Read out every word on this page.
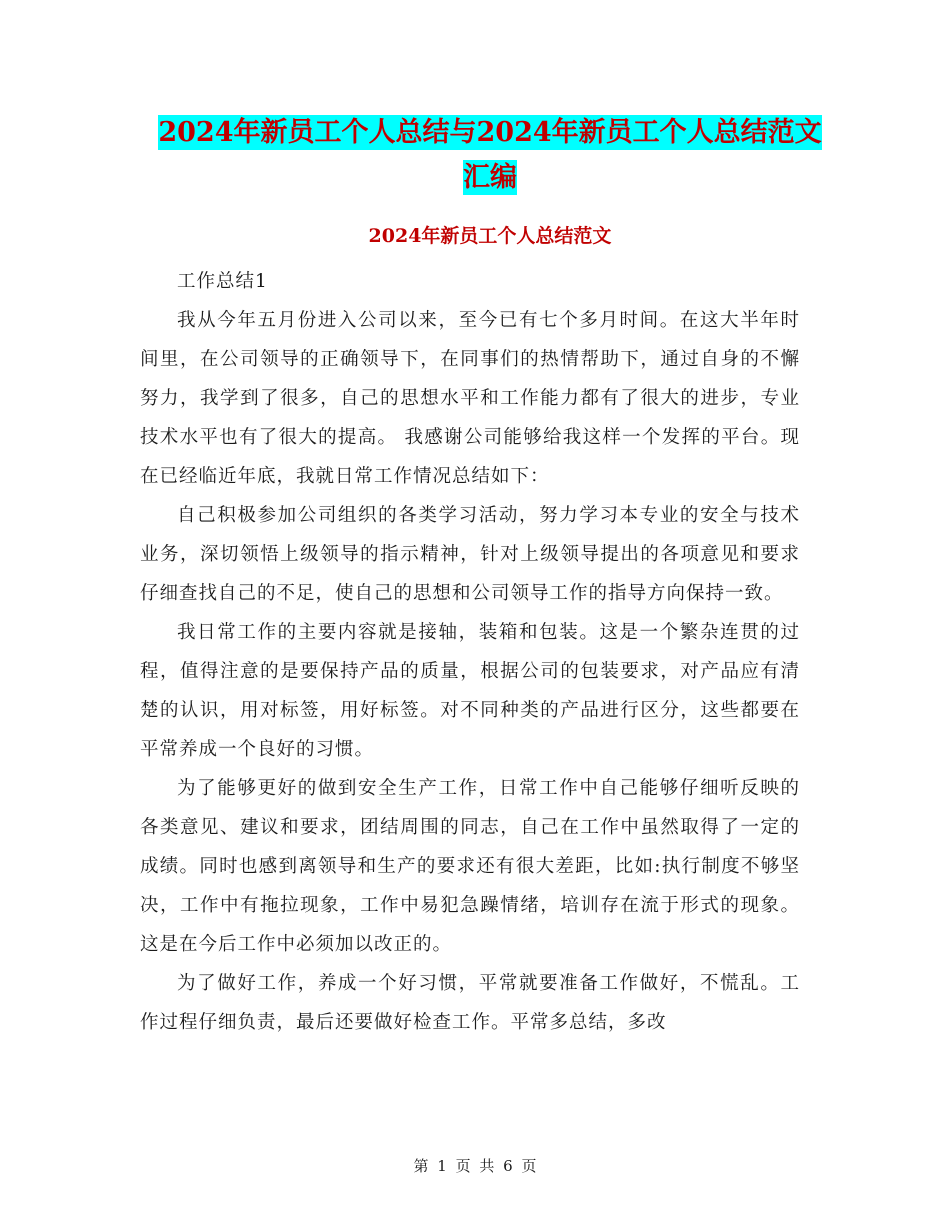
2024年新员工个人总结与2024年新员工个人总结范文
汇编
2024年新员工个人总结范文

工作总结1

我从今年五月份进入公司以来，至今已有七个多月时间。在这大半年时间里，在公司领导的正确领导下，在同事们的热情帮助下，通过自身的不懈努力，我学到了很多，自己的思想水平和工作能力都有了很大的进步，专业技术水平也有了很大的提高。 我感谢公司能够给我这样一个发挥的平台。现在已经临近年底，我就日常工作情况总结如下：

自己积极参加公司组织的各类学习活动，努力学习本专业的安全与技术业务，深切领悟上级领导的指示精神，针对上级领导提出的各项意见和要求仔细查找自己的不足，使自己的思想和公司领导工作的指导方向保持一致。

我日常工作的主要内容就是接轴，装箱和包装。这是一个繁杂连贯的过程，值得注意的是要保持产品的质量，根据公司的包装要求，对产品应有清楚的认识，用对标签，用好标签。对不同种类的产品进行区分，这些都要在平常养成一个良好的习惯。

为了能够更好的做到安全生产工作，日常工作中自己能够仔细听反映的各类意见、建议和要求，团结周围的同志，自己在工作中虽然取得了一定的成绩。同时也感到离领导和生产的要求还有很大差距，比如:执行制度不够坚决，工作中有拖拉现象，工作中易犯急躁情绪，培训存在流于形式的现象。这是在今后工作中必须加以改正的。

为了做好工作，养成一个好习惯，平常就要准备工作做好，不慌乱。工作过程仔细负责，最后还要做好检查工作。平常多总结，多改

第 1 页 共 6 页
